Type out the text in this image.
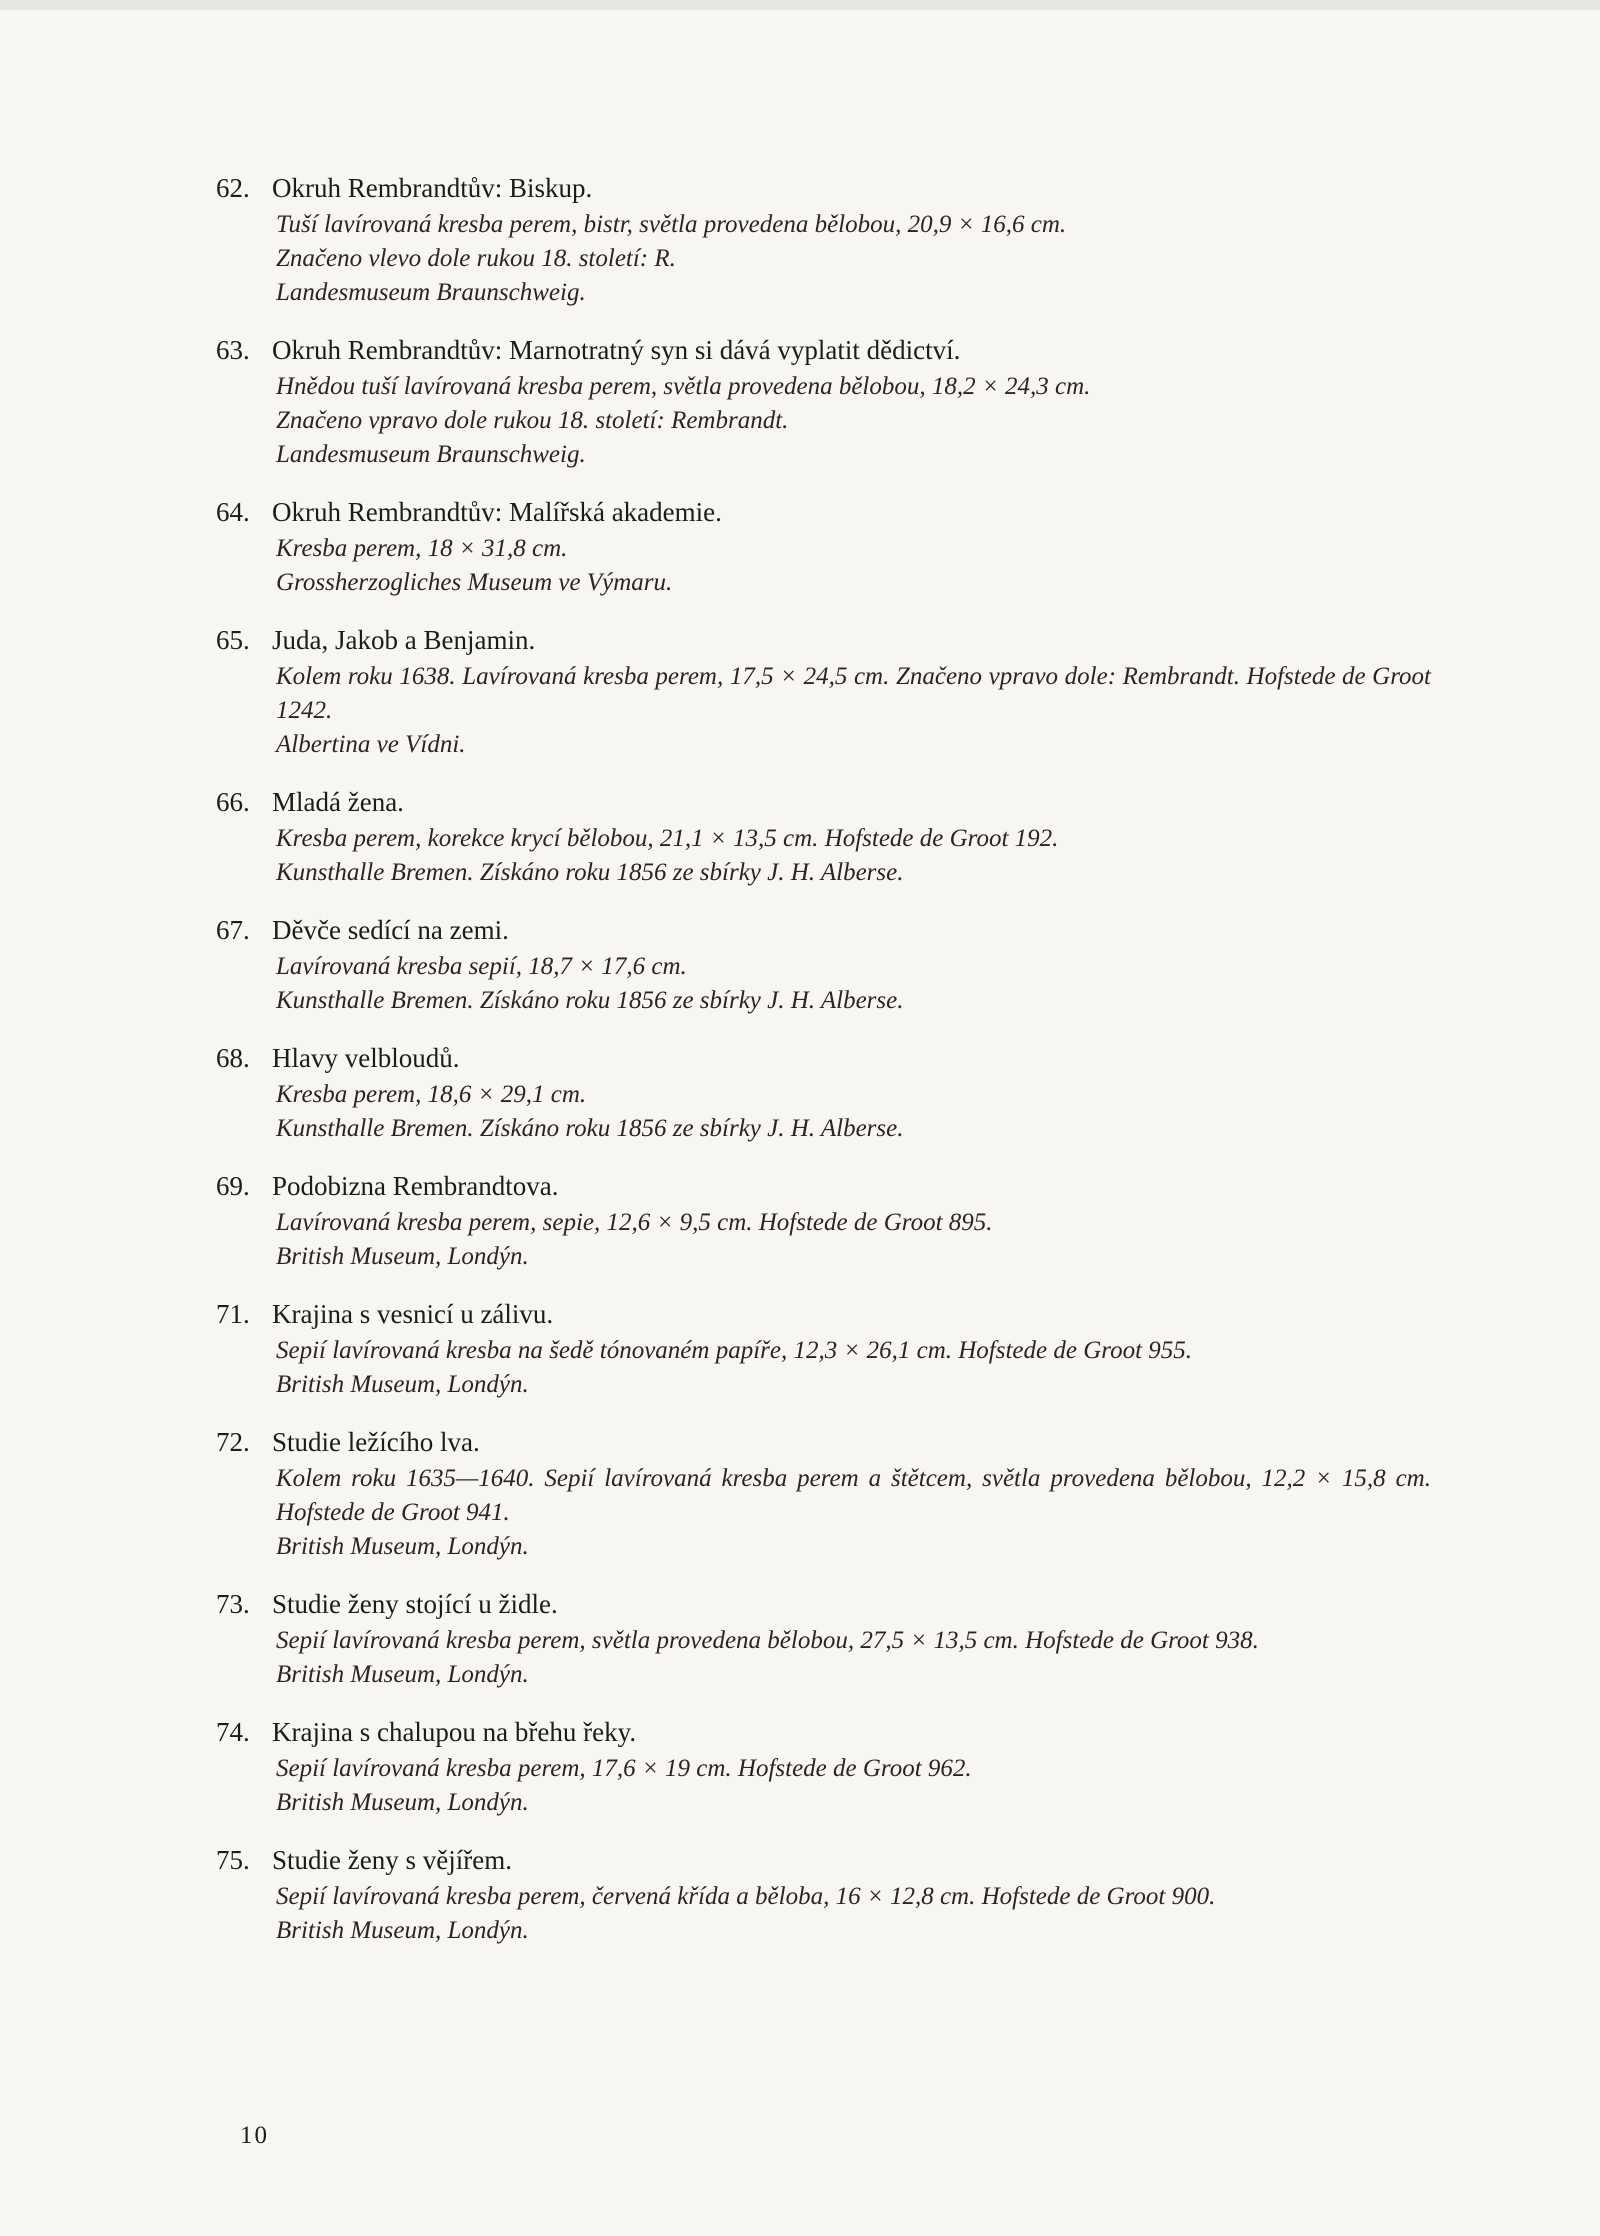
62. Okruh Rembrandtův: Biskup.
Tuší lavírovaná kresba perem, bistr, světla provedena bělobou, 20,9 × 16,6 cm.
Značeno vlevo dole rukou 18. století: R.
Landesmuseum Braunschweig.
63. Okruh Rembrandtův: Marnotratný syn si dává vyplatit dědictví.
Hnědou tuší lavírovaná kresba perem, světla provedena bělobou, 18,2 × 24,3 cm.
Značeno vpravo dole rukou 18. století: Rembrandt.
Landesmuseum Braunschweig.
64. Okruh Rembrandtův: Malířská akademie.
Kresba perem, 18 × 31,8 cm.
Grossherzogliches Museum ve Výmaru.
65. Juda, Jakob a Benjamin.
Kolem roku 1638. Lavírovaná kresba perem, 17,5 × 24,5 cm. Značeno vpravo dole: Rembrandt. Hofstede de Groot 1242.
Albertina ve Vídni.
66. Mladá žena.
Kresba perem, korekce krycí bělobou, 21,1 × 13,5 cm. Hofstede de Groot 192.
Kunsthalle Bremen. Získáno roku 1856 ze sbírky J. H. Alberse.
67. Děvče sedící na zemi.
Lavírovaná kresba sepií, 18,7 × 17,6 cm.
Kunsthalle Bremen. Získáno roku 1856 ze sbírky J. H. Alberse.
68. Hlavy velbloudů.
Kresba perem, 18,6 × 29,1 cm.
Kunsthalle Bremen. Získáno roku 1856 ze sbírky J. H. Alberse.
69. Podobizna Rembrandtova.
Lavírovaná kresba perem, sepie, 12,6 × 9,5 cm. Hofstede de Groot 895.
British Museum, Londýn.
71. Krajina s vesnicí u zálivu.
Sepií lavírovaná kresba na šedě tónovaném papíře, 12,3 × 26,1 cm. Hofstede de Groot 955.
British Museum, Londýn.
72. Studie ležícího lva.
Kolem roku 1635—1640. Sepií lavírovaná kresba perem a štětcem, světla provedena bělobou, 12,2 × 15,8 cm. Hofstede de Groot 941.
British Museum, Londýn.
73. Studie ženy stojící u židle.
Sepií lavírovaná kresba perem, světla provedena bělobou, 27,5 × 13,5 cm. Hofstede de Groot 938.
British Museum, Londýn.
74. Krajina s chalupou na břehu řeky.
Sepií lavírovaná kresba perem, 17,6 × 19 cm. Hofstede de Groot 962.
British Museum, Londýn.
75. Studie ženy s vějířem.
Sepií lavírovaná kresba perem, červená křída a běloba, 16 × 12,8 cm. Hofstede de Groot 900.
British Museum, Londýn.
10
